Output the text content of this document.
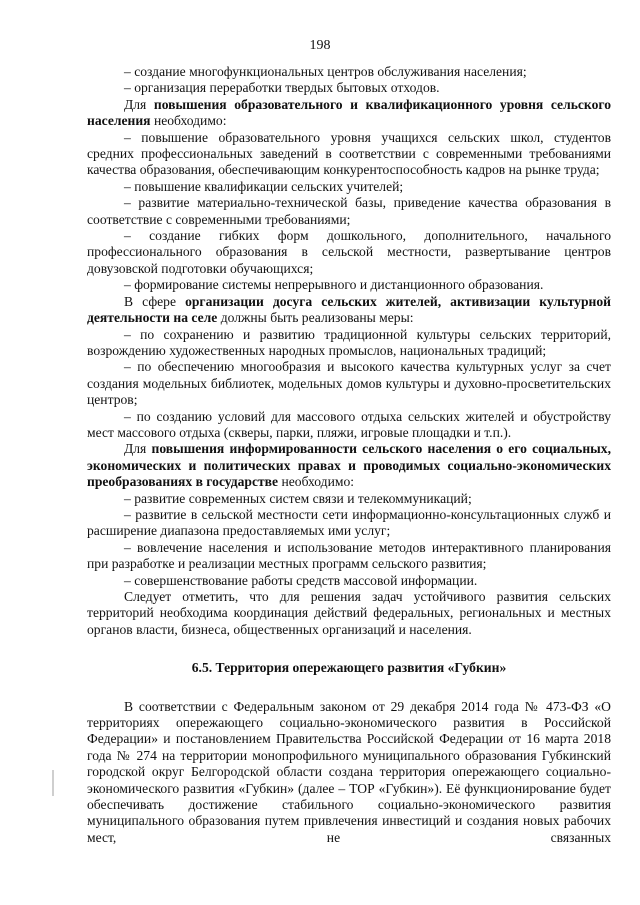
198

– создание многофункциональных центров обслуживания населения;

– организация переработки твердых бытовых отходов.

Для повышения образовательного и квалификационного уровня сельского населения необходимо:

– повышение образовательного уровня учащихся сельских школ, студентов средних профессиональных заведений в соответствии с современными требованиями качества образования, обеспечивающим конкурентоспособность кадров на рынке труда;

– повышение квалификации сельских учителей;

– развитие материально-технической базы, приведение качества образования в соответствие с современными требованиями;

– создание гибких форм дошкольного, дополнительного, начального профессионального образования в сельской местности, развертывание центров довузовской подготовки обучающихся;

– формирование системы непрерывного и дистанционного образования.

В сфере организации досуга сельских жителей, активизации культурной деятельности на селе должны быть реализованы меры:

– по сохранению и развитию традиционной культуры сельских территорий, возрождению художественных народных промыслов, национальных традиций;

– по обеспечению многообразия и высокого качества культурных услуг за счет создания модельных библиотек, модельных домов культуры и духовно-просветительских центров;

– по созданию условий для массового отдыха сельских жителей и обустройству мест массового отдыха (скверы, парки, пляжи, игровые площадки и т.п.).

Для повышения информированности сельского населения о его социальных, экономических и политических правах и проводимых социально-экономических преобразованиях в государстве необходимо:

– развитие современных систем связи и телекоммуникаций;

– развитие в сельской местности сети информационно-консультационных служб и расширение диапазона предоставляемых ими услуг;

– вовлечение населения и использование методов интерактивного планирования при разработке и реализации местных программ сельского развития;

– совершенствование работы средств массовой информации.

Следует отметить, что для решения задач устойчивого развития сельских территорий необходима координация действий федеральных, региональных и местных органов власти, бизнеса, общественных организаций и населения.

6.5. Территория опережающего развития «Губкин»

В соответствии с Федеральным законом от 29 декабря 2014 года № 473-ФЗ «О территориях опережающего социально-экономического развития в Российской Федерации» и постановлением Правительства Российской Федерации от 16 марта 2018 года № 274 на территории монопрофильного муниципального образования Губкинский городской округ Белгородской области создана территория опережающего социально-экономического развития «Губкин» (далее – ТОР «Губкин»). Её функционирование будет обеспечивать достижение стабильного социально-экономического развития муниципального образования путем привлечения инвестиций и создания новых рабочих мест, не связанных
